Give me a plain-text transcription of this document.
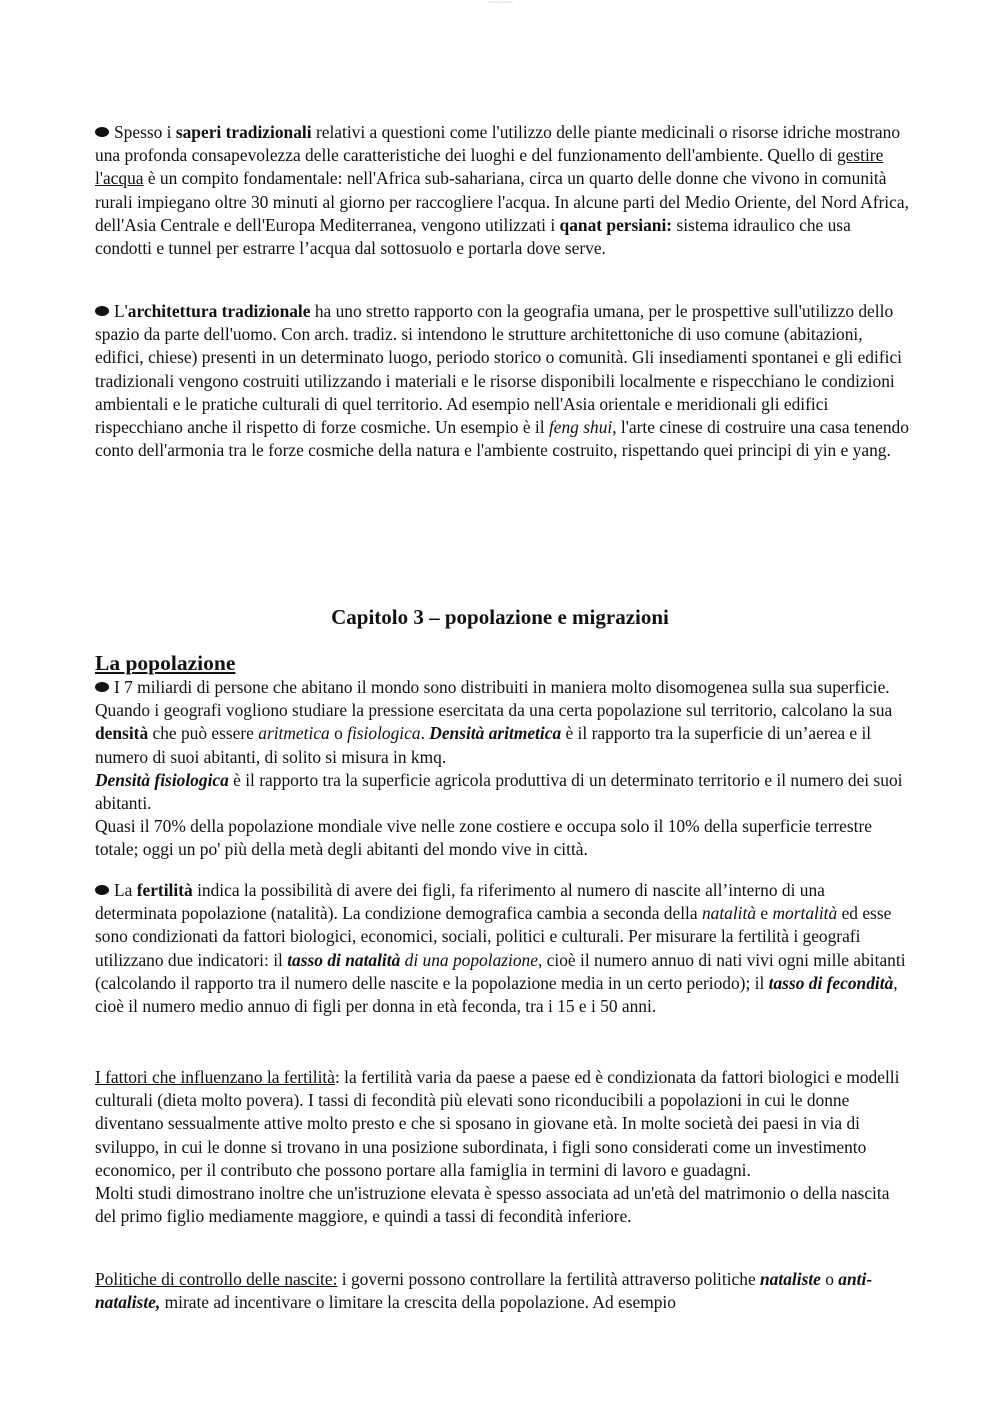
Scaricato da Docsity

Spesso i saperi tradizionali relativi a questioni come l'utilizzo delle piante medicinali o risorse idriche mostrano una profonda consapevolezza delle caratteristiche dei luoghi e del funzionamento dell'ambiente. Quello di gestire l'acqua è un compito fondamentale: nell'Africa sub-sahariana, circa un quarto delle donne che vivono in comunità rurali impiegano oltre 30 minuti al giorno per raccogliere l'acqua. In alcune parti del Medio Oriente, del Nord Africa, dell'Asia Centrale e dell'Europa Mediterranea, vengono utilizzati i qanat persiani: sistema idraulico che usa condotti e tunnel per estrarre l’acqua dal sottosuolo e portarla dove serve.

L'architettura tradizionale ha uno stretto rapporto con la geografia umana, per le prospettive sull'utilizzo dello spazio da parte dell'uomo. Con arch. tradiz. si intendono le strutture architettoniche di uso comune (abitazioni, edifici, chiese) presenti in un determinato luogo, periodo storico o comunità. Gli insediamenti spontanei e gli edifici tradizionali vengono costruiti utilizzando i materiali e le risorse disponibili localmente e rispecchiano le condizioni ambientali e le pratiche culturali di quel territorio. Ad esempio nell'Asia orientale e meridionali gli edifici rispecchiano anche il rispetto di forze cosmiche. Un esempio è il feng shui, l'arte cinese di costruire una casa tenendo conto dell'armonia tra le forze cosmiche della natura e l'ambiente costruito, rispettando quei principi di yin e yang.

Capitolo 3 – popolazione e migrazioni
La popolazione

I 7 miliardi di persone che abitano il mondo sono distribuiti in maniera molto disomogenea sulla sua superficie. Quando i geografi vogliono studiare la pressione esercitata da una certa popolazione sul territorio, calcolano la sua densità che può essere aritmetica o fisiologica. Densità aritmetica è il rapporto tra la superficie di un’aerea e il numero di suoi abitanti, di solito si misura in kmq.
Densità fisiologica è il rapporto tra la superficie agricola produttiva di un determinato territorio e il numero dei suoi abitanti.
Quasi il 70% della popolazione mondiale vive nelle zone costiere e occupa solo il 10% della superficie terrestre totale; oggi un po' più della metà degli abitanti del mondo vive in città.

La fertilità indica la possibilità di avere dei figli, fa riferimento al numero di nascite all’interno di una determinata popolazione (natalità). La condizione demografica cambia a seconda della natalità e mortalità ed esse sono condizionati da fattori biologici, economici, sociali, politici e culturali. Per misurare la fertilità i geografi utilizzano due indicatori: il tasso di natalità di una popolazione, cioè il numero annuo di nati vivi ogni mille abitanti (calcolando il rapporto tra il numero delle nascite e la popolazione media in un certo periodo); il tasso di fecondità, cioè il numero medio annuo di figli per donna in età feconda, tra i 15 e i 50 anni.

I fattori che influenzano la fertilità: la fertilità varia da paese a paese ed è condizionata da fattori biologici e modelli culturali (dieta molto povera). I tassi di fecondità più elevati sono riconducibili a popolazioni in cui le donne diventano sessualmente attive molto presto e che si sposano in giovane età. In molte società dei paesi in via di sviluppo, in cui le donne si trovano in una posizione subordinata, i figli sono considerati come un investimento economico, per il contributo che possono portare alla famiglia in termini di lavoro e guadagni.
Molti studi dimostrano inoltre che un'istruzione elevata è spesso associata ad un'età del matrimonio o della nascita del primo figlio mediamente maggiore, e quindi a tassi di fecondità inferiore.

Politiche di controllo delle nascite: i governi possono controllare la fertilità attraverso politiche nataliste o anti-nataliste, mirate ad incentivare o limitare la crescita della popolazione. Ad esempio
